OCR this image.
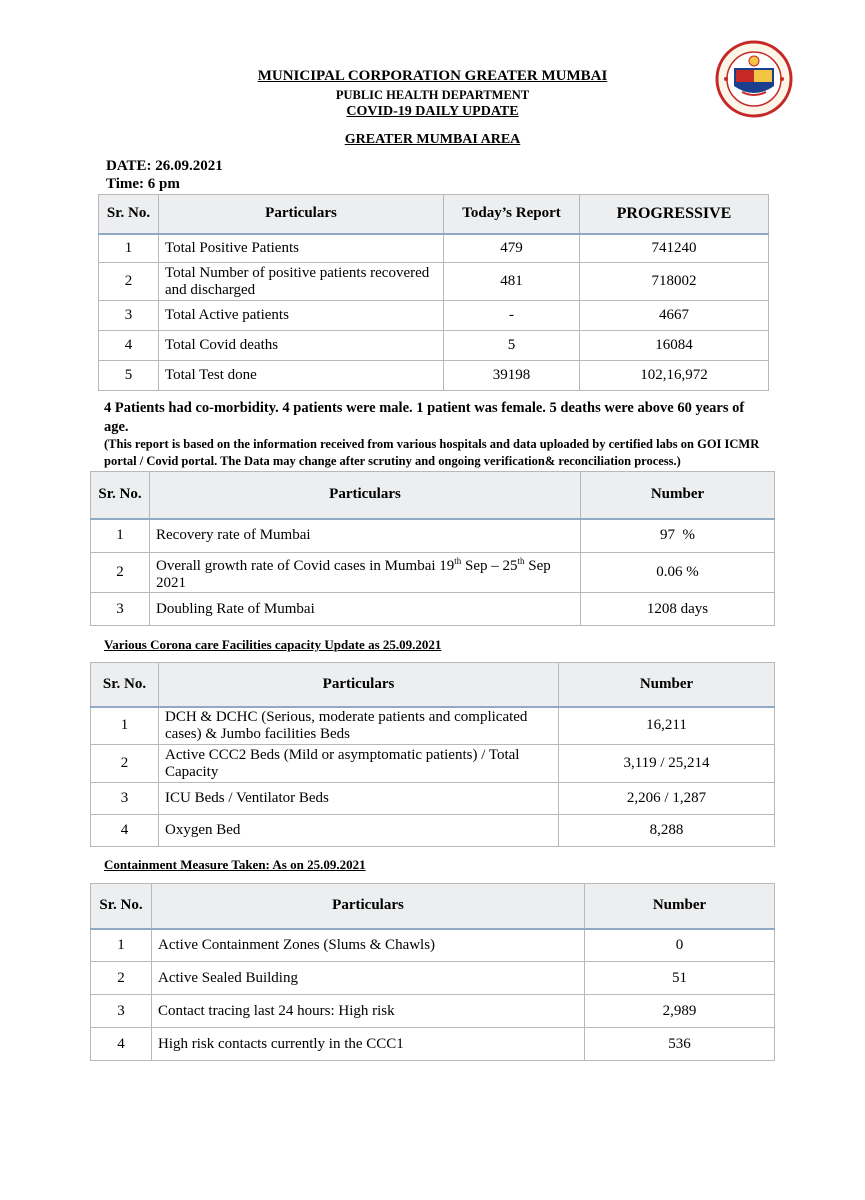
MUNICIPAL CORPORATION GREATER MUMBAI
PUBLIC HEALTH DEPARTMENT
COVID-19 DAILY UPDATE
GREATER MUMBAI AREA
DATE: 26.09.2021
Time: 6 pm
Sr. No.	Particulars	Today’s Report	PROGRESSIVE
1	Total Positive Patients	479	741240
2	Total Number of positive patients recovered and discharged	481	718002
3	Total Active patients	-	4667
4	Total Covid deaths	5	16084
5	Total Test done	39198	102,16,972
4 Patients had co-morbidity. 4 patients were male. 1 patient was female. 5 deaths were above 60 years of age.
(This report is based on the information received from various hospitals and data uploaded by certified labs on GOI ICMR portal / Covid portal. The Data may change after scrutiny and ongoing verification& reconciliation process.)
Sr. No.	Particulars	Number
1	Recovery rate of Mumbai	97  %
2	Overall growth rate of Covid cases in Mumbai 19th Sep – 25th Sep 2021	0.06 %
3	Doubling Rate of Mumbai	1208 days
Various Corona care Facilities capacity Update as 25.09.2021
Sr. No.	Particulars	Number
1	DCH & DCHC (Serious, moderate patients and complicated cases) & Jumbo facilities Beds	16,211
2	Active CCC2 Beds (Mild or asymptomatic patients) / Total Capacity	3,119 / 25,214
3	ICU Beds / Ventilator Beds	2,206 / 1,287
4	Oxygen Bed	8,288
Containment Measure Taken: As on 25.09.2021
Sr. No.	Particulars	Number
1	Active Containment Zones (Slums & Chawls)	0
2	Active Sealed Building	51
3	Contact tracing last 24 hours: High risk	2,989
4	High risk contacts currently in the CCC1	536
